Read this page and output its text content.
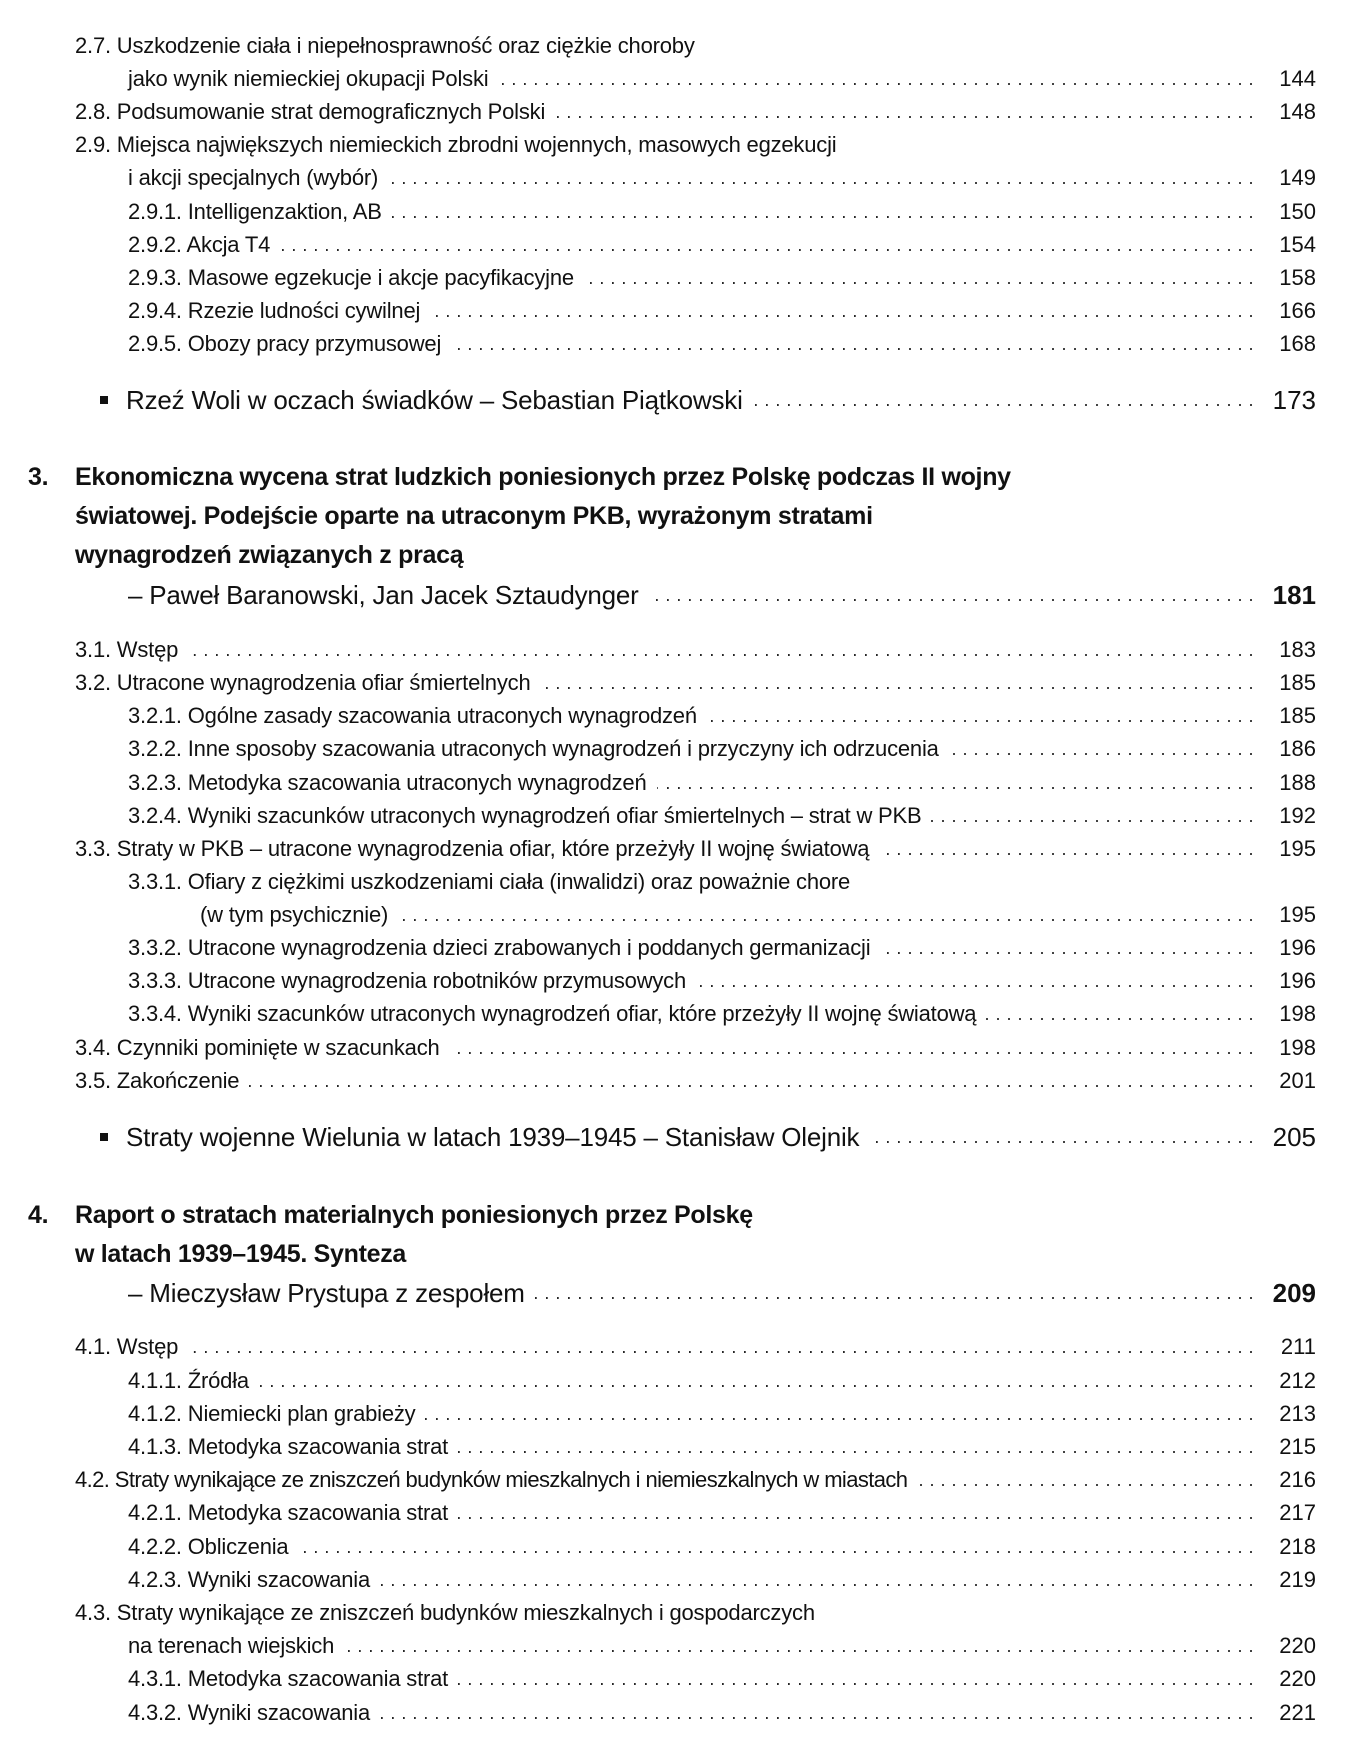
2.7. Uszkodzenie ciała i niepełnosprawność oraz ciężkie choroby
jako wynik niemieckiej okupacji Polski . . .	144
2.8. Podsumowanie strat demograficznych Polski . . .	148
2.9. Miejsca największych niemieckich zbrodni wojennych, masowych egzekucji
i akcji specjalnych (wybór) . . .	149
2.9.1. Intelligenzaktion, AB . . .	150
2.9.2. Akcja T4 . . .	154
2.9.3. Masowe egzekucje i akcje pacyfikacyjne . . .	158
2.9.4. Rzezie ludności cywilnej . . .	166
2.9.5. Obozy pracy przymusowej . . .	168
Rzeź Woli w oczach świadków – Sebastian Piątkowski . . .	173
3. Ekonomiczna wycena strat ludzkich poniesionych przez Polskę podczas II wojny
światowej. Podejście oparte na utraconym PKB, wyrażonym stratami
wynagrodzeń związanych z pracą
– Paweł Baranowski, Jan Jacek Sztaudynger . . .	181
3.1. Wstęp . . .	183
3.2. Utracone wynagrodzenia ofiar śmiertelnych . . .	185
3.2.1. Ogólne zasady szacowania utraconych wynagrodzeń . . .	185
3.2.2. Inne sposoby szacowania utraconych wynagrodzeń i przyczyny ich odrzucenia . . .	186
3.2.3. Metodyka szacowania utraconych wynagrodzeń . . .	188
3.2.4. Wyniki szacunków utraconych wynagrodzeń ofiar śmiertelnych – strat w PKB . . .	192
3.3. Straty w PKB – utracone wynagrodzenia ofiar, które przeżyły II wojnę światową . . .	195
3.3.1. Ofiary z ciężkimi uszkodzeniami ciała (inwalidzi) oraz poważnie chore
(w tym psychicznie) . . .	195
3.3.2. Utracone wynagrodzenia dzieci zrabowanych i poddanych germanizacji . . .	196
3.3.3. Utracone wynagrodzenia robotników przymusowych . . .	196
3.3.4. Wyniki szacunków utraconych wynagrodzeń ofiar, które przeżyły II wojnę światową . . .	198
3.4. Czynniki pominięte w szacunkach . . .	198
3.5. Zakończenie . . .	201
Straty wojenne Wielunia w latach 1939–1945 – Stanisław Olejnik . . .	205
4. Raport o stratach materialnych poniesionych przez Polskę
w latach 1939–1945. Synteza
– Mieczysław Prystupa z zespołem . . .	209
4.1. Wstęp . . .	211
4.1.1. Źródła . . .	212
4.1.2. Niemiecki plan grabieży . . .	213
4.1.3. Metodyka szacowania strat . . .	215
4.2. Straty wynikające ze zniszczeń budynków mieszkalnych i niemieszkalnych w miastach . . .	216
4.2.1. Metodyka szacowania strat . . .	217
4.2.2. Obliczenia . . .	218
4.2.3. Wyniki szacowania . . .	219
4.3. Straty wynikające ze zniszczeń budynków mieszkalnych i gospodarczych
na terenach wiejskich . . .	220
4.3.1. Metodyka szacowania strat . . .	220
4.3.2. Wyniki szacowania . . .	221
